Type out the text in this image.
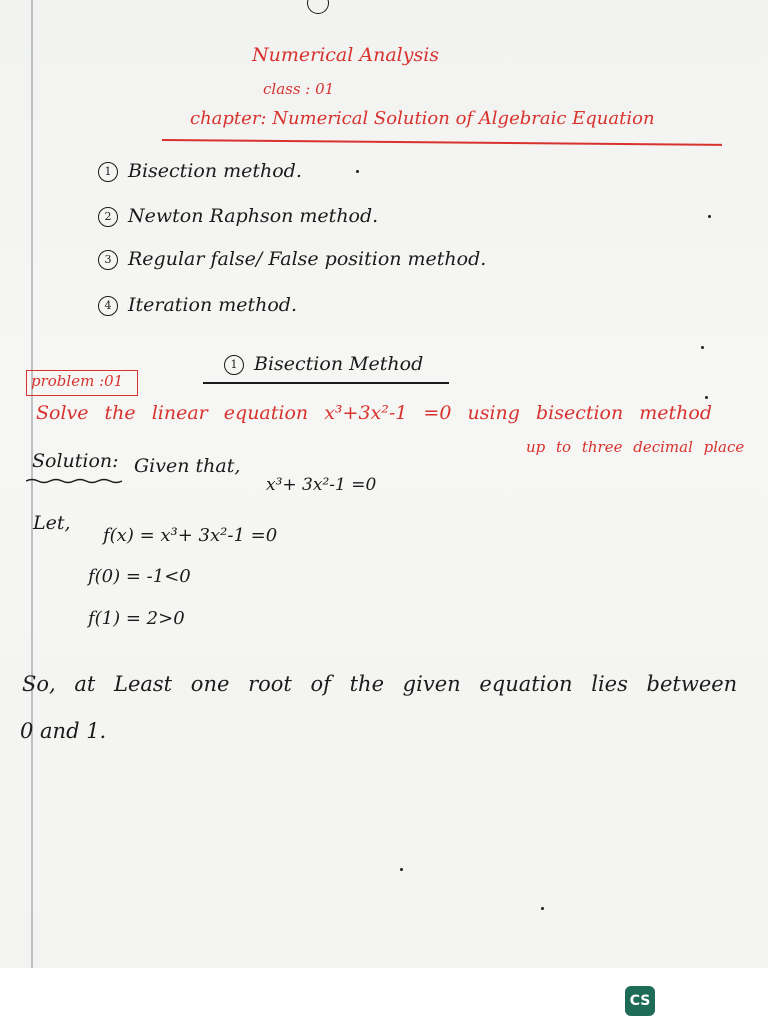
Numerical Analysis
class : 01
chapter: Numerical Solution of Algebraic Equation
1 Bisection method.
2 Newton Raphson method.
3 Regular false/ False position method.
4 Iteration method.
1 Bisection Method
problem :01
Solve the linear equation x³+3x²-1 =0 using bisection method
up to three decimal place
Solution: Given that,
x³+ 3x²-1 =0
Let,
f(x) = x³+ 3x²-1 =0
f(0) = -1<0
f(1) = 2>0
So, at Least one root of the given equation lies between
0 and 1.
CS
